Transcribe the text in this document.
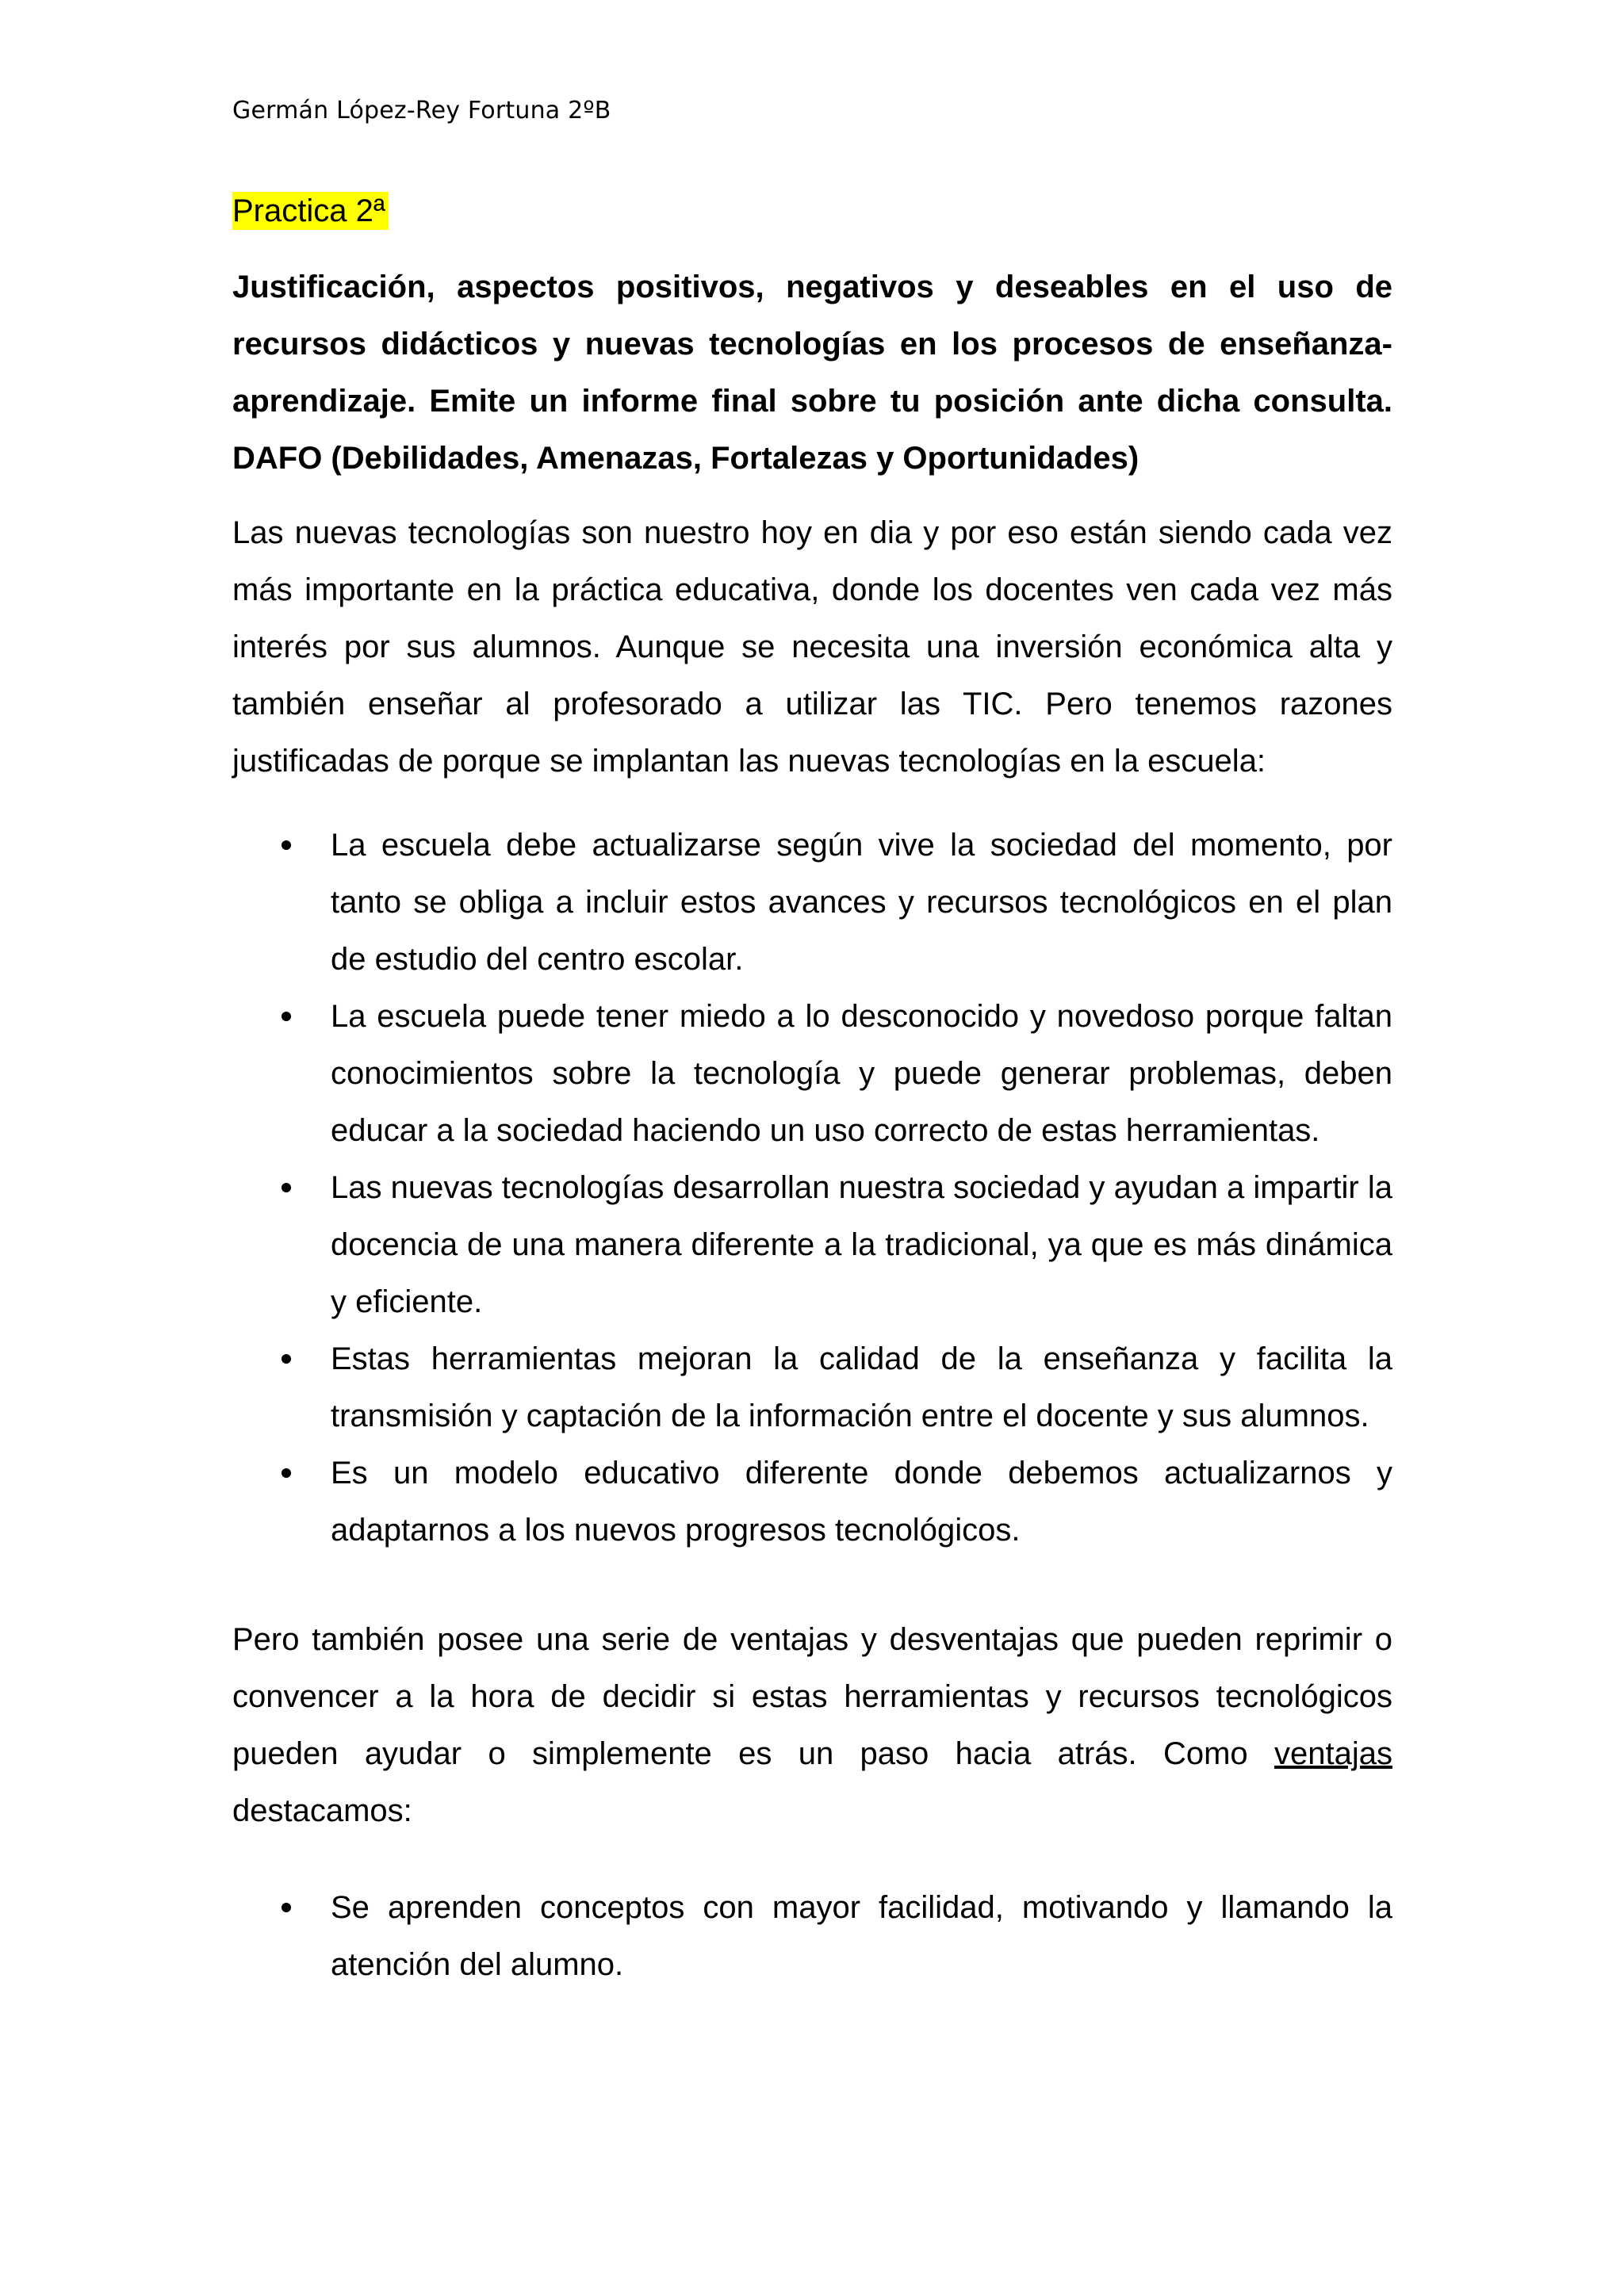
Germán López-Rey Fortuna 2ºB

Practica 2ª

Justificación, aspectos positivos, negativos y deseables en el uso de recursos didácticos y nuevas tecnologías en los procesos de enseñanza-aprendizaje. Emite un informe final sobre tu posición ante dicha consulta. DAFO (Debilidades, Amenazas, Fortalezas y Oportunidades)

Las nuevas tecnologías son nuestro hoy en dia y por eso están siendo cada vez más importante en la práctica educativa, donde los docentes ven cada vez más interés por sus alumnos. Aunque se necesita una inversión económica alta y también enseñar al profesorado a utilizar las TIC. Pero tenemos razones justificadas de porque se implantan las nuevas tecnologías en la escuela:

La escuela debe actualizarse según vive la sociedad del momento, por tanto se obliga a incluir estos avances y recursos tecnológicos en el plan de estudio del centro escolar.
La escuela puede tener miedo a lo desconocido y novedoso porque faltan conocimientos sobre la tecnología y puede generar problemas, deben educar a la sociedad haciendo un uso correcto de estas herramientas.
Las nuevas tecnologías desarrollan nuestra sociedad y ayudan a impartir la docencia de una manera diferente a la tradicional, ya que es más dinámica y eficiente.
Estas herramientas mejoran la calidad de la enseñanza y facilita la transmisión y captación de la información entre el docente y sus alumnos.
Es un modelo educativo diferente donde debemos actualizarnos y adaptarnos a los nuevos progresos tecnológicos.

Pero también posee una serie de ventajas y desventajas que pueden reprimir o convencer a la hora de decidir si estas herramientas y recursos tecnológicos pueden ayudar o simplemente es un paso hacia atrás. Como ventajas destacamos:

Se aprenden conceptos con mayor facilidad, motivando y llamando la atención del alumno.
